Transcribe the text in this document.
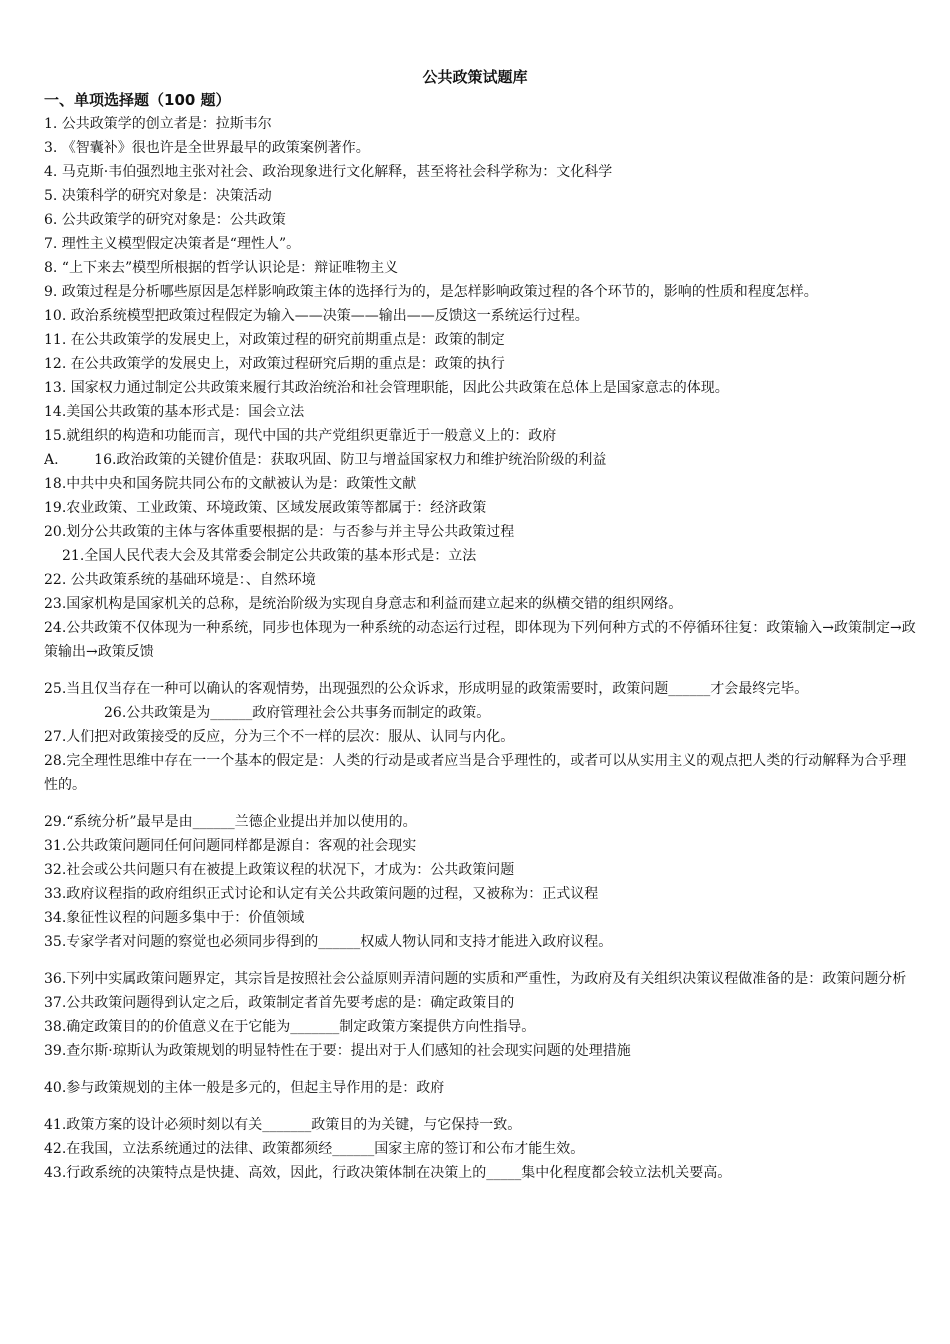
公共政策试题库
一、单项选择题（100 题）
1. 公共政策学的创立者是：拉斯韦尔
3. 《智囊补》很也许是全世界最早的政策案例著作。
4. 马克斯·韦伯强烈地主张对社会、政治现象进行文化解释，甚至将社会科学称为：文化科学
5. 决策科学的研究对象是：决策活动
6. 公共政策学的研究对象是：公共政策
7. 理性主义模型假定决策者是“理性人”。
8. “上下来去”模型所根据的哲学认识论是：辩证唯物主义
9. 政策过程是分析哪些原因是怎样影响政策主体的选择行为的，是怎样影响政策过程的各个环节的，影响的性质和程度怎样。
10. 政治系统模型把政策过程假定为输入——决策——输出——反馈这一系统运行过程。
11. 在公共政策学的发展史上，对政策过程的研究前期重点是：政策的制定
12. 在公共政策学的发展史上，对政策过程研究后期的重点是：政策的执行
13. 国家权力通过制定公共政策来履行其政治统治和社会管理职能，因此公共政策在总体上是国家意志的体现。
14.美国公共政策的基本形式是：国会立法
15.就组织的构造和功能而言，现代中国的共产党组织更靠近于一般意义上的：政府
A.        16.政治政策的关键价值是：获取巩固、防卫与增益国家权力和维护统治阶级的利益
18.中共中央和国务院共同公布的文献被认为是：政策性文献
19.农业政策、工业政策、环境政策、区域发展政策等都属于：经济政策
20.划分公共政策的主体与客体重要根据的是：与否参与并主导公共政策过程
21.全国人民代表大会及其常委会制定公共政策的基本形式是：立法
22. 公共政策系统的基础环境是：、自然环境
23.国家机构是国家机关的总称，是统治阶级为实现自身意志和利益而建立起来的纵横交错的组织网络。
24.公共政策不仅体现为一种系统，同步也体现为一种系统的动态运行过程，即体现为下列何种方式的不停循环往复：政策输入→政策制定→政策输出→政策反馈
25.当且仅当存在一种可以确认的客观情势，出现强烈的公众诉求，形成明显的政策需要时，政策问题______才会最终完毕。
26.公共政策是为______政府管理社会公共事务而制定的政策。
27.人们把对政策接受的反应，分为三个不一样的层次：服从、认同与内化。
28.完全理性思维中存在一一个基本的假定是：人类的行动是或者应当是合乎理性的，或者可以从实用主义的观点把人类的行动解释为合乎理性的。
29.“系统分析”最早是由______兰德企业提出并加以使用的。
31.公共政策问题同任何问题同样都是源自：客观的社会现实
32.社会或公共问题只有在被提上政策议程的状况下，才成为：公共政策问题
33.政府议程指的政府组织正式讨论和认定有关公共政策问题的过程，又被称为：正式议程
34.象征性议程的问题多集中于：价值领域
35.专家学者对问题的察觉也必须同步得到的______权威人物认同和支持才能进入政府议程。
36.下列中实属政策问题界定，其宗旨是按照社会公益原则弄清问题的实质和严重性，为政府及有关组织决策议程做准备的是：政策问题分析
37.公共政策问题得到认定之后，政策制定者首先要考虑的是：确定政策目的
38.确定政策目的的价值意义在于它能为_______制定政策方案提供方向性指导。
39.查尔斯·琼斯认为政策规划的明显特性在于要：提出对于人们感知的社会现实问题的处理措施
40.参与政策规划的主体一般是多元的，但起主导作用的是：政府
41.政策方案的设计必须时刻以有关_______政策目的为关键，与它保持一致。
42.在我国，立法系统通过的法律、政策都须经______国家主席的签订和公布才能生效。
43.行政系统的决策特点是快捷、高效，因此，行政决策体制在决策上的_____集中化程度都会较立法机关要高。
